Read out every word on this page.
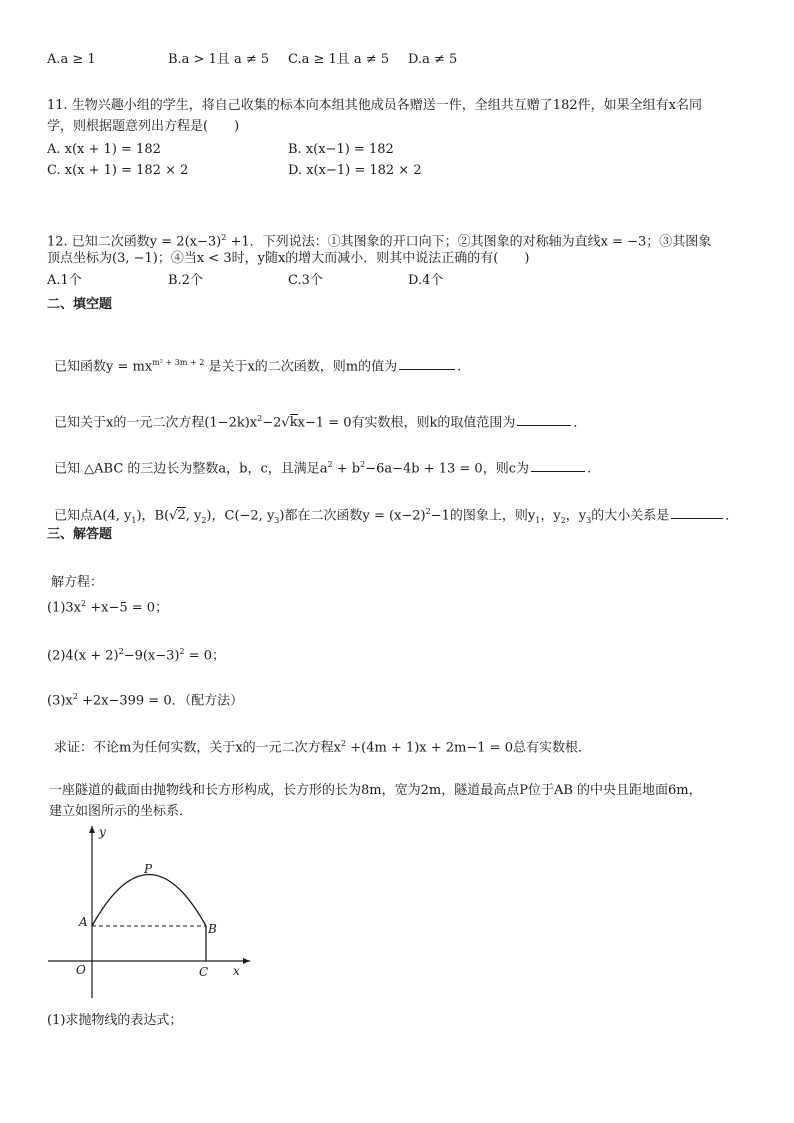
A.a ≥ 1	B.a > 1且 a ≠ 5 C.a ≥ 1且 a ≠ 5 D.a ≠ 5
11. 生物兴趣小组的学生，将自己收集的标本向本组其他成员各赠送一件，全组共互赠了182件，如果全组有x名同
学，则根据题意列出方程是(　　)
A. x(x + 1) = 182	B. x(x−1) = 182
C. x(x + 1) = 182 × 2	D. x(x−1) = 182 × 2
12. 已知二次函数$y = 2(x-3)^2 +1$．下列说法：①其图象的开口向下；②其图象的对称轴为直线x = −3；③其图象
顶点坐标为(3, −1)；④当x < 3时，y随x的增大而减小．则其中说法正确的有(　　)
A.1个	B.2个	C.3个	D.4个
二、填空题
已知函数$y = mx^{m^2 + 3m + 2}$ 是关于x的二次函数，则m的值为	.
已知关于x的一元二次方程$(1-2k)x^2-2√kx-1 = 0$有实数根，则k的取值范围为	．
已知 △ABC 的三边长为整数a，b，c，且满足$a^2 + b^2-6a-4b + 13 = 0$，则c为	.
已知点A(4, $y_1$)，B(√2, $y_2$)，C(−2, $y_3$)都在二次函数$y = (x-2)^2-1$的图象上，则$y_1$，$y_2$，$y_3$的大小关系是	．
三、解答题
解方程：
$(1)3x^2 +x-5 = 0$；
$(2)4(x + 2)^2-9(x-3)^2 = 0$；
$(3)x^2 +2x-399 = 0$．（配方法）
求证：不论m为任何实数，关于x的一元二次方程$x^2 +(4m + 1)x + 2m-1 = 0$总有实数根．
一座隧道的截面由抛物线和长方形构成，长方形的长为8m，宽为2m，隧道最高点P位于AB 的中央且距地面6m，
建立如图所示的坐标系．
y
P
A	B
O	C x
(1)求抛物线的表达式；
